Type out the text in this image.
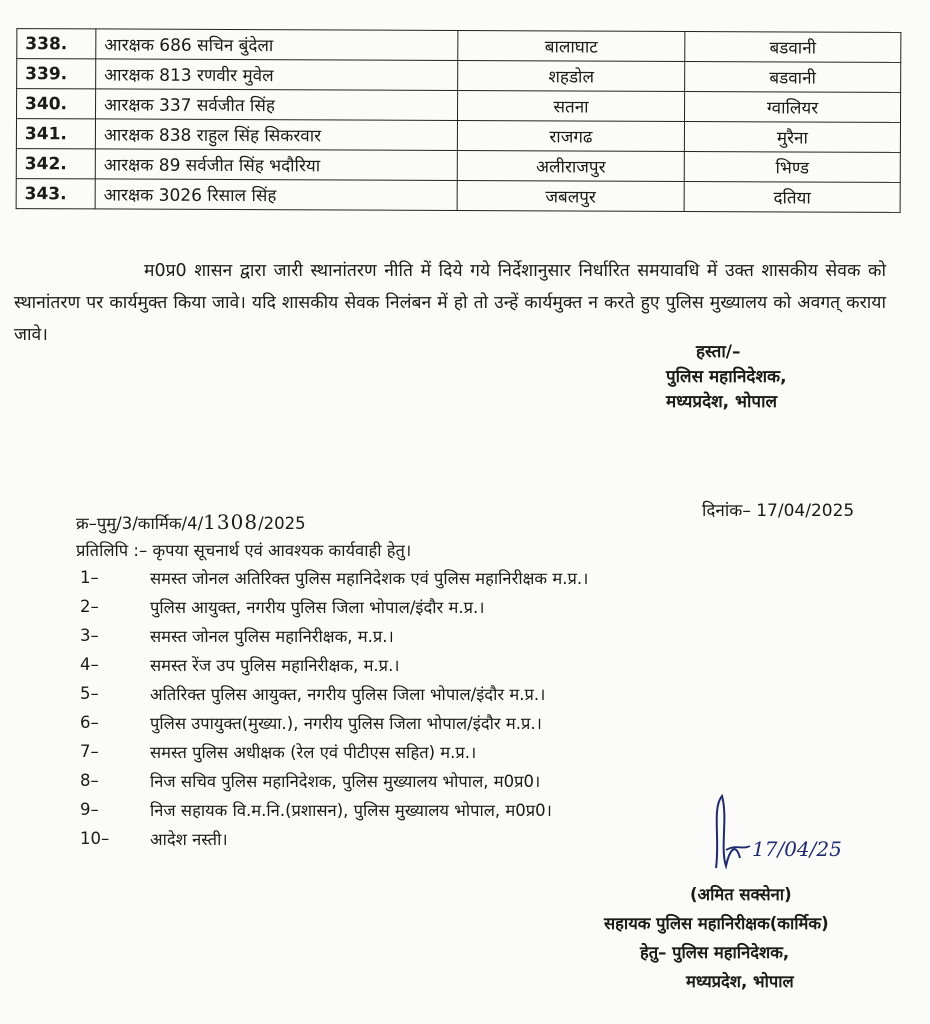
338.	आरक्षक 686 सचिन बुंदेला	बालाघाट	बडवानी
339.	आरक्षक 813 रणवीर मुवेल	शहडोल	बडवानी
340.	आरक्षक 337 सर्वजीत सिंह	सतना	ग्वालियर
341.	आरक्षक 838 राहुल सिंह सिकरवार	राजगढ	मुरैना
342.	आरक्षक 89 सर्वजीत सिंह भदौरिया	अलीराजपुर	भिण्ड
343.	आरक्षक 3026 रिसाल सिंह	जबलपुर	दतिया
म0प्र0 शासन द्वारा जारी स्थानांतरण नीति में दिये गये निर्देशानुसार निर्धारित समयावधि में उक्त शासकीय सेवक को स्थानांतरण पर कार्यमुक्त किया जावे। यदि शासकीय सेवक निलंबन में हो तो उन्हें कार्यमुक्त न करते हुए पुलिस मुख्यालय को अवगत् कराया जावे।
हस्ता/–
पुलिस महानिदेशक,
मध्यप्रदेश, भोपाल
दिनांक– 17/04/2025
क्र–पुमु/3/कार्मिक/4/1308/2025
प्रतिलिपि :– कृपया सूचनार्थ एवं आवश्यक कार्यवाही हेतु।
1–	समस्त जोनल अतिरिक्त पुलिस महानिदेशक एवं पुलिस महानिरीक्षक म.प्र.।
2–	पुलिस आयुक्त, नगरीय पुलिस जिला भोपाल/इंदौर म.प्र.।
3–	समस्त जोनल पुलिस महानिरीक्षक, म.प्र.।
4–	समस्त रेंज उप पुलिस महानिरीक्षक, म.प्र.।
5–	अतिरिक्त पुलिस आयुक्त, नगरीय पुलिस जिला भोपाल/इंदौर म.प्र.।
6–	पुलिस उपायुक्त(मुख्या.), नगरीय पुलिस जिला भोपाल/इंदौर म.प्र.।
7–	समस्त पुलिस अधीक्षक (रेल एवं पीटीएस सहित) म.प्र.।
8–	निज सचिव पुलिस महानिदेशक, पुलिस मुख्यालय भोपाल, म0प्र0।
9–	निज सहायक वि.म.नि.(प्रशासन), पुलिस मुख्यालय भोपाल, म0प्र0।
10–	आदेश नस्ती।	17/04/25
(अमित सक्सेना)
सहायक पुलिस महानिरीक्षक(कार्मिक)
हेतु– पुलिस महानिदेशक,
मध्यप्रदेश, भोपाल
